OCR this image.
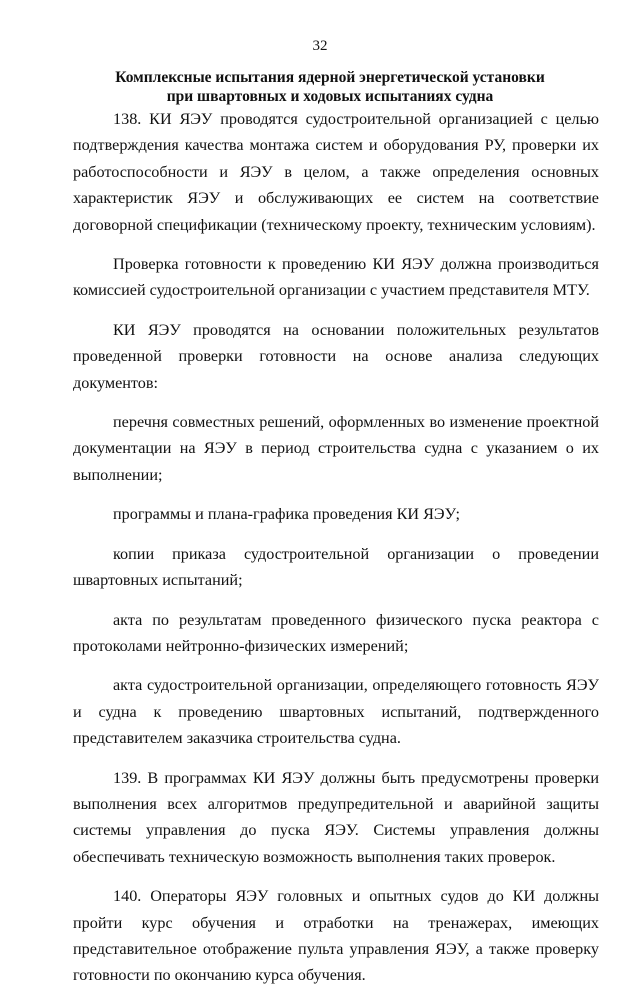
32
Комплексные испытания ядерной энергетической установки
при швартовных и ходовых испытаниях судна

138. КИ ЯЭУ проводятся судостроительной организацией с целью подтверждения качества монтажа систем и оборудования РУ, проверки их работоспособности и ЯЭУ в целом, а также определения основных характеристик ЯЭУ и обслуживающих ее систем на соответствие договорной спецификации (техническому проекту, техническим условиям).

Проверка готовности к проведению КИ ЯЭУ должна производиться комиссией судостроительной организации с участием представителя МТУ.

КИ ЯЭУ проводятся на основании положительных результатов проведенной проверки готовности на основе анализа следующих документов:

перечня совместных решений, оформленных во изменение проектной документации на ЯЭУ в период строительства судна с указанием о их выполнении;

программы и плана-графика проведения КИ ЯЭУ;

копии приказа судостроительной организации о проведении швартовных испытаний;

акта по результатам проведенного физического пуска реактора с протоколами нейтронно-физических измерений;

акта судостроительной организации, определяющего готовность ЯЭУ и судна к проведению швартовных испытаний, подтвержденного представителем заказчика строительства судна.

139. В программах КИ ЯЭУ должны быть предусмотрены проверки выполнения всех алгоритмов предупредительной и аварийной защиты системы управления до пуска ЯЭУ. Системы управления должны обеспечивать техническую возможность выполнения таких проверок.

140. Операторы ЯЭУ головных и опытных судов до КИ должны пройти курс обучения и отработки на тренажерах, имеющих представительное отображение пульта управления ЯЭУ, а также проверку готовности по окончанию курса обучения.
